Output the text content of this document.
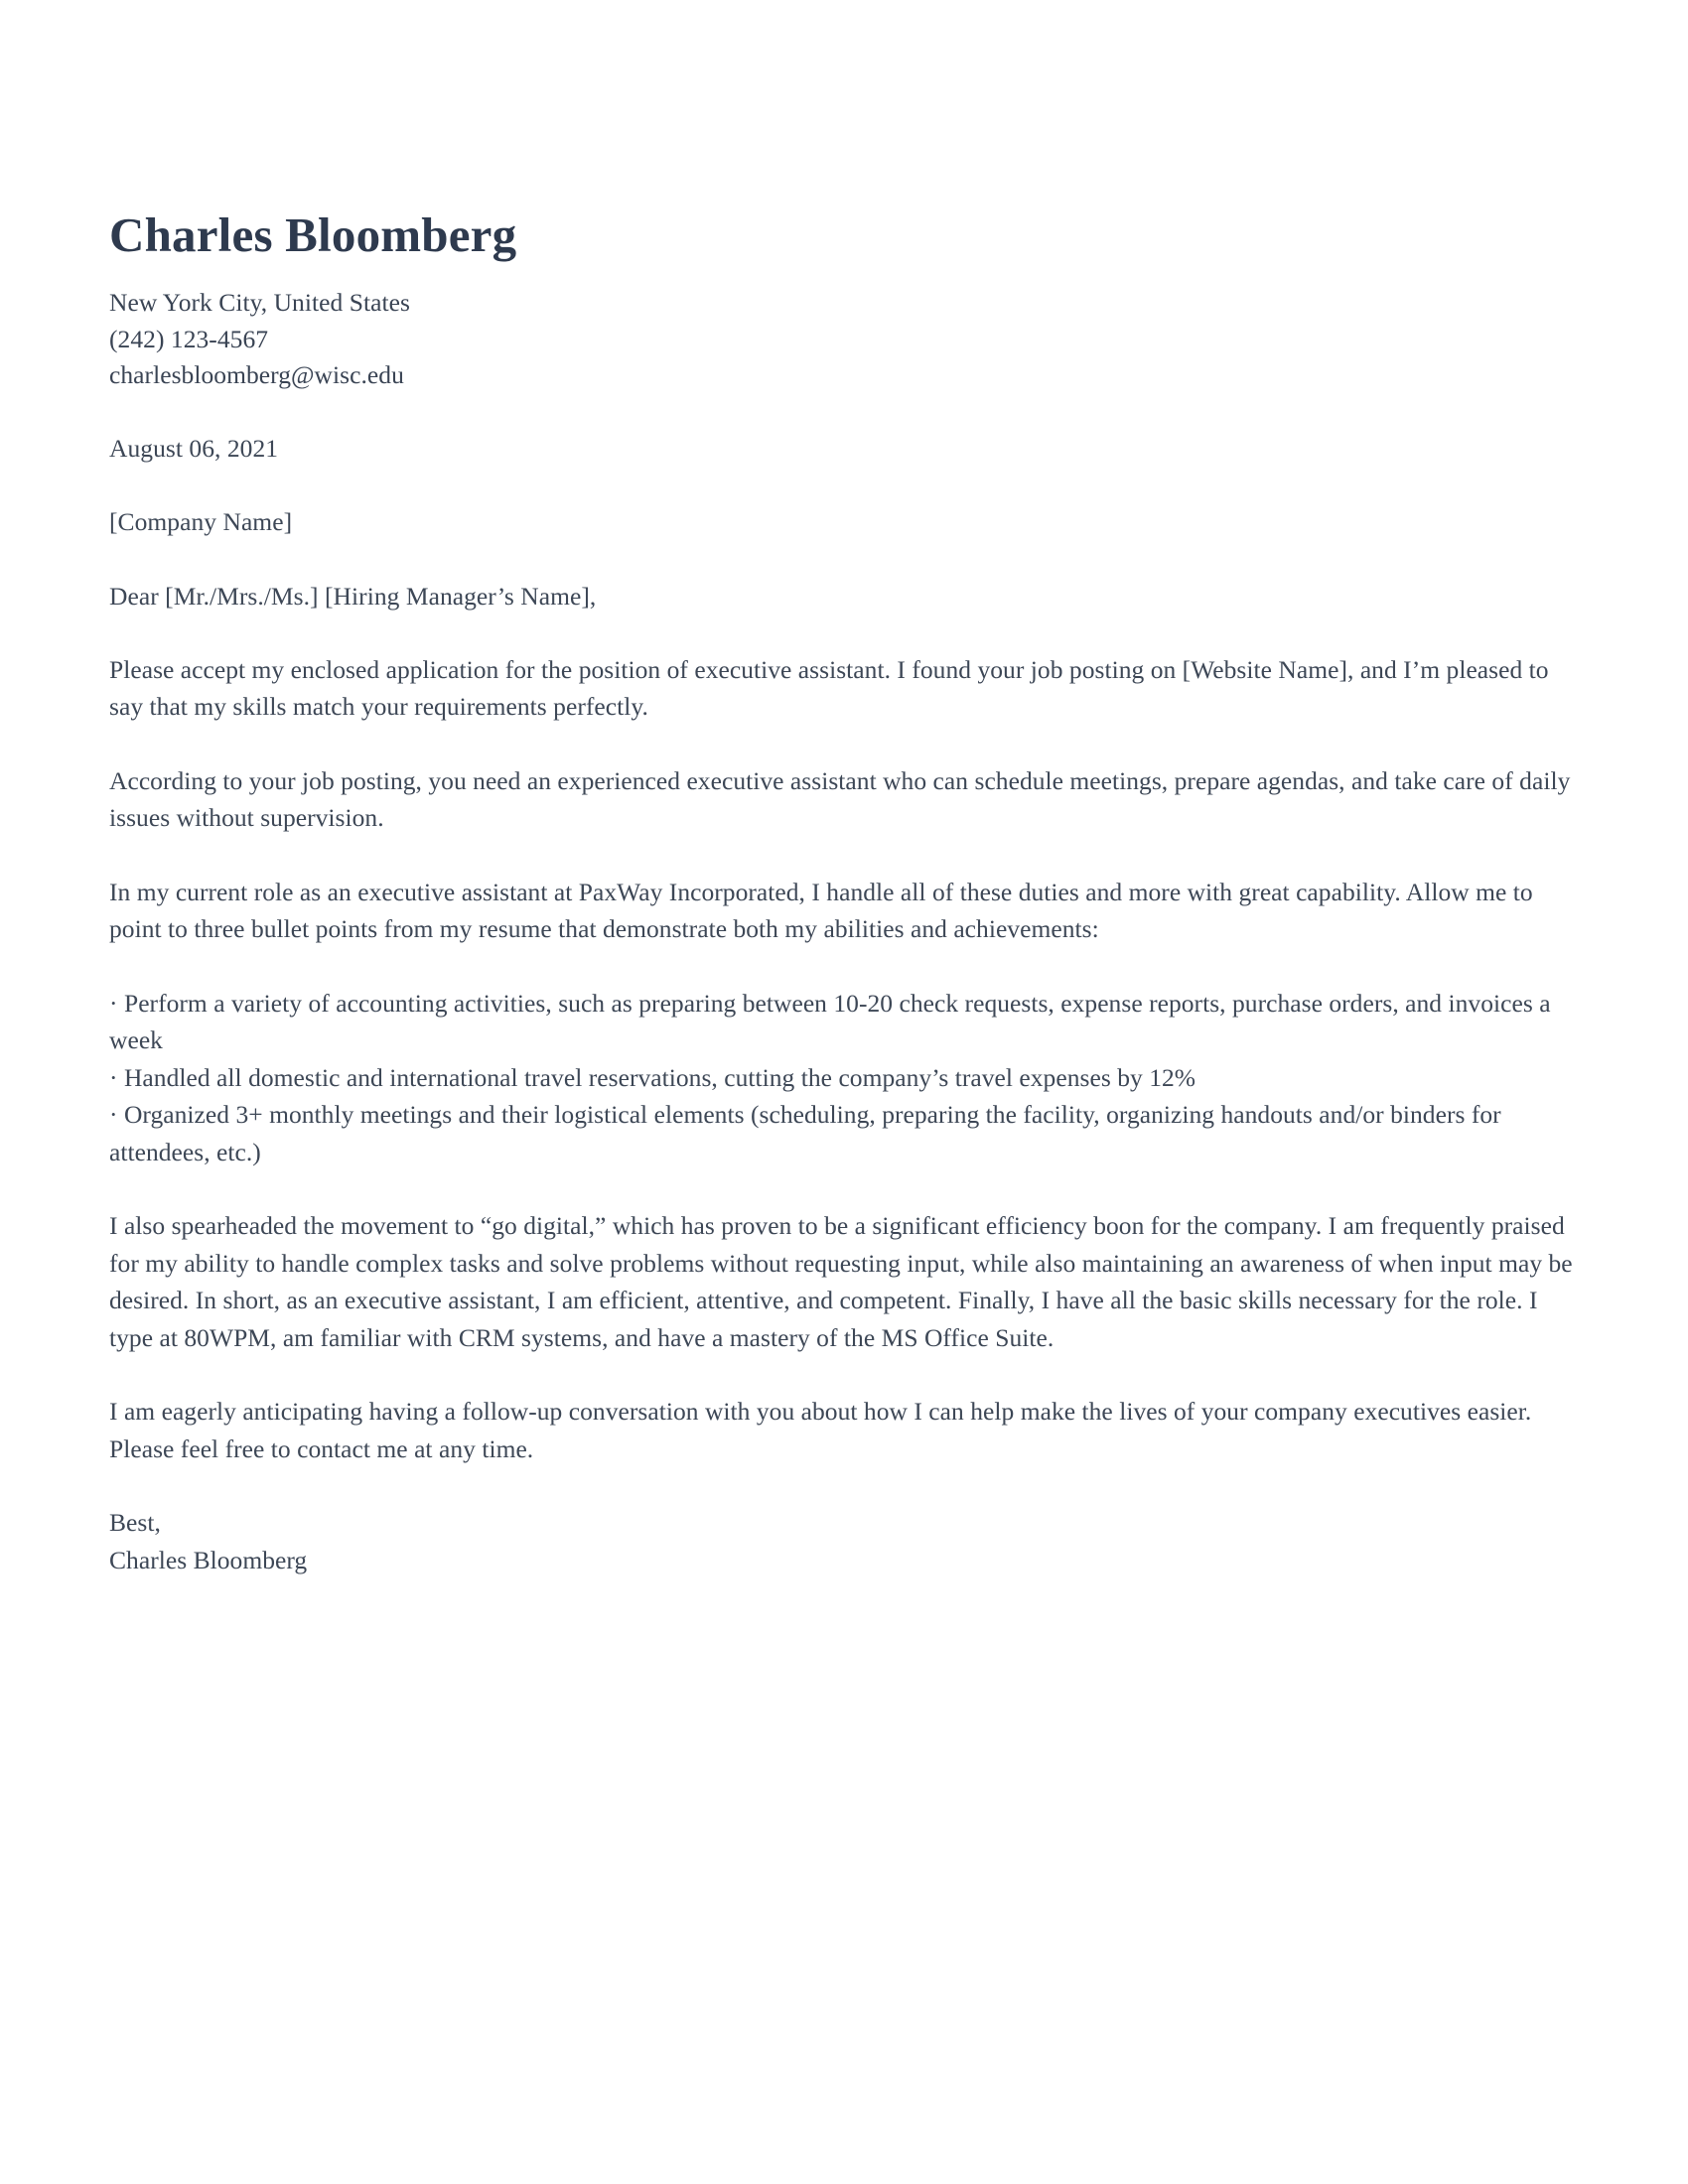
Charles Bloomberg

New York City, United States

(242) 123-4567

charlesbloomberg@wisc.edu

August 06, 2021

[Company Name]

Dear [Mr./Mrs./Ms.] [Hiring Manager’s Name],

Please accept my enclosed application for the position of executive assistant. I found your job posting on [Website Name], and I’m pleased to say that my skills match your requirements perfectly.

According to your job posting, you need an experienced executive assistant who can schedule meetings, prepare agendas, and take care of daily issues without supervision.

In my current role as an executive assistant at PaxWay Incorporated, I handle all of these duties and more with great capability. Allow me to point to three bullet points from my resume that demonstrate both my abilities and achievements:

· Perform a variety of accounting activities, such as preparing between 10-20 check requests, expense reports, purchase orders, and invoices a week

· Handled all domestic and international travel reservations, cutting the company’s travel expenses by 12%

· Organized 3+ monthly meetings and their logistical elements (scheduling, preparing the facility, organizing handouts and/or binders for attendees, etc.)

I also spearheaded the movement to “go digital,” which has proven to be a significant efficiency boon for the company. I am frequently praised for my ability to handle complex tasks and solve problems without requesting input, while also maintaining an awareness of when input may be desired. In short, as an executive assistant, I am efficient, attentive, and competent. Finally, I have all the basic skills necessary for the role. I type at 80WPM, am familiar with CRM systems, and have a mastery of the MS Office Suite.

I am eagerly anticipating having a follow-up conversation with you about how I can help make the lives of your company executives easier. Please feel free to contact me at any time.

Best,

Charles Bloomberg
